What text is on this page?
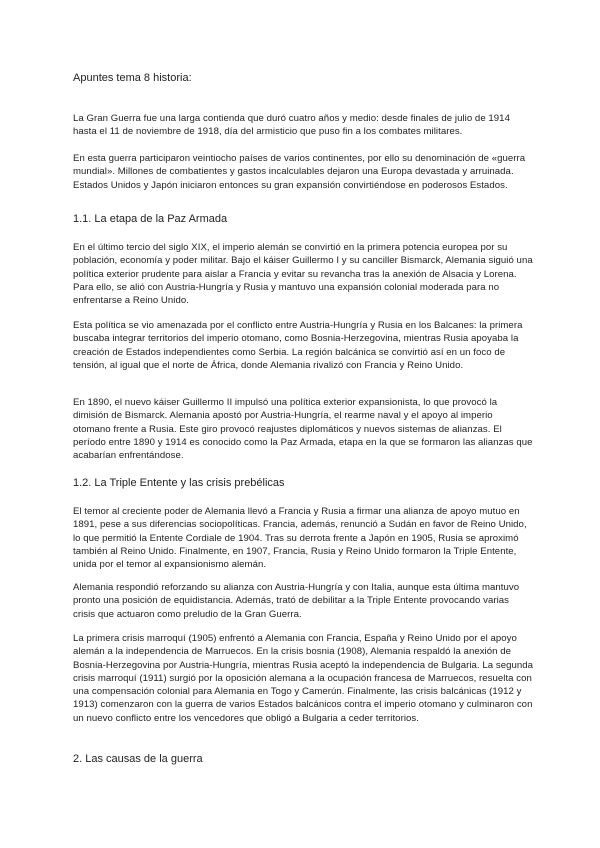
Apuntes tema 8 historia:

La Gran Guerra fue una larga contienda que duró cuatro años y medio: desde finales de julio de 1914 hasta el 11 de noviembre de 1918, día del armisticio que puso fin a los combates militares.

En esta guerra participaron veintiocho países de varios continentes, por ello su denominación de «guerra mundial». Millones de combatientes y gastos incalculables dejaron una Europa devastada y arruinada. Estados Unidos y Japón iniciaron entonces su gran expansión convirtiéndose en poderosos Estados.

1.1. La etapa de la Paz Armada

En el último tercio del siglo XIX, el imperio alemán se convirtió en la primera potencia europea por su población, economía y poder militar. Bajo el káiser Guillermo I y su canciller Bismarck, Alemania siguió una política exterior prudente para aislar a Francia y evitar su revancha tras la anexión de Alsacia y Lorena. Para ello, se alió con Austria-Hungría y Rusia y mantuvo una expansión colonial moderada para no enfrentarse a Reino Unido.

Esta política se vio amenazada por el conflicto entre Austria-Hungría y Rusia en los Balcanes: la primera buscaba integrar territorios del imperio otomano, como Bosnia-Herzegovina, mientras Rusia apoyaba la creación de Estados independientes como Serbia. La región balcánica se convirtió así en un foco de tensión, al igual que el norte de África, donde Alemania rivalizó con Francia y Reino Unido.

En 1890, el nuevo káiser Guillermo II impulsó una política exterior expansionista, lo que provocó la dimisión de Bismarck. Alemania apostó por Austria-Hungría, el rearme naval y el apoyo al imperio otomano frente a Rusia. Este giro provocó reajustes diplomáticos y nuevos sistemas de alianzas. El período entre 1890 y 1914 es conocido como la Paz Armada, etapa en la que se formaron las alianzas que acabarían enfrentándose.

1.2. La Triple Entente y las crisis prebélicas

El temor al creciente poder de Alemania llevó a Francia y Rusia a firmar una alianza de apoyo mutuo en 1891, pese a sus diferencias sociopolíticas. Francia, además, renunció a Sudán en favor de Reino Unido, lo que permitió la Entente Cordiale de 1904. Tras su derrota frente a Japón en 1905, Rusia se aproximó también al Reino Unido. Finalmente, en 1907, Francia, Rusia y Reino Unido formaron la Triple Entente, unida por el temor al expansionismo alemán.

Alemania respondió reforzando su alianza con Austria-Hungría y con Italia, aunque esta última mantuvo pronto una posición de equidistancia. Además, trató de debilitar a la Triple Entente provocando varias crisis que actuaron como preludio de la Gran Guerra.

La primera crisis marroquí (1905) enfrentó a Alemania con Francia, España y Reino Unido por el apoyo alemán a la independencia de Marruecos. En la crisis bosnia (1908), Alemania respaldó la anexión de Bosnia-Herzegovina por Austria-Hungría, mientras Rusia aceptó la independencia de Bulgaria. La segunda crisis marroquí (1911) surgió por la oposición alemana a la ocupación francesa de Marruecos, resuelta con una compensación colonial para Alemania en Togo y Camerún. Finalmente, las crisis balcánicas (1912 y 1913) comenzaron con la guerra de varios Estados balcánicos contra el imperio otomano y culminaron con un nuevo conflicto entre los vencedores que obligó a Bulgaria a ceder territorios.

2. Las causas de la guerra
